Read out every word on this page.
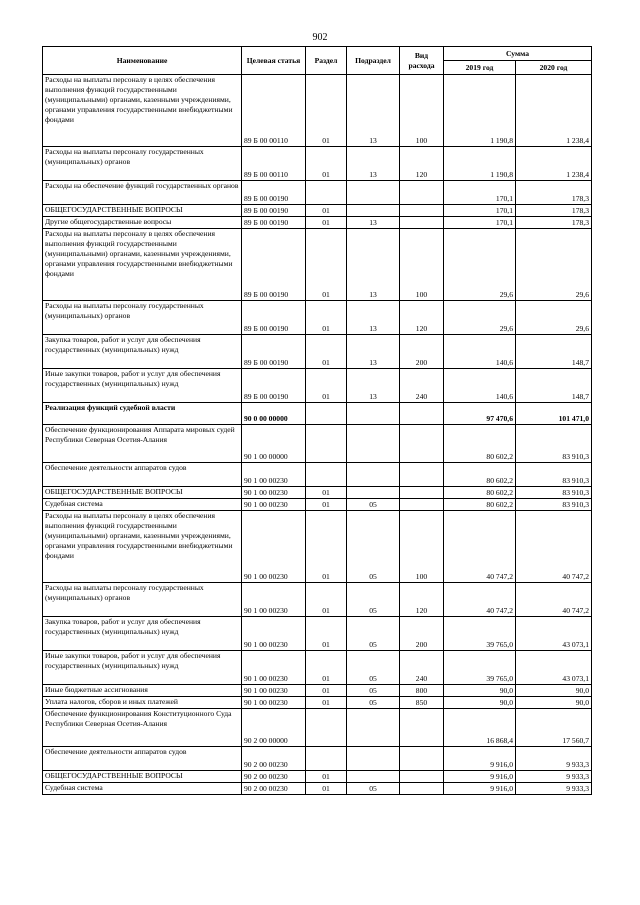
902
Наименование	Целевая статья	Раздел	Подраздел	Вид расхода	Сумма	
					2019 год	2020 год
Расходы на выплаты персоналу в целях обеспечения выполнения функций государственными (муниципальными) органами, казенными учреждениями, органами управления государственными внебюджетными фондами	89 Б 00 00110	01	13	100	1 190,8	1 238,4
Расходы на выплаты персоналу государственных (муниципальных) органов	89 Б 00 00110	01	13	120	1 190,8	1 238,4
Расходы на обеспечение функций государственных органов	89 Б 00 00190				170,1	178,3
ОБЩЕГОСУДАРСТВЕННЫЕ ВОПРОСЫ	89 Б 00 00190	01			170,1	178,3
Другие общегосударственные вопросы	89 Б 00 00190	01	13		170,1	178,3
Расходы на выплаты персоналу в целях обеспечения выполнения функций государственными (муниципальными) органами, казенными учреждениями, органами управления государственными внебюджетными фондами	89 Б 00 00190	01	13	100	29,6	29,6
Расходы на выплаты персоналу государственных (муниципальных) органов	89 Б 00 00190	01	13	120	29,6	29,6
Закупка товаров, работ и услуг для обеспечения государственных (муниципальных) нужд	89 Б 00 00190	01	13	200	140,6	148,7
Иные закупки товаров, работ и услуг для обеспечения государственных (муниципальных) нужд	89 Б 00 00190	01	13	240	140,6	148,7
Реализация функций судебной власти	90 0 00 00000				97 470,6	101 471,0
Обеспечение функционирования Аппарата мировых судей Республики Северная Осетия-Алания	90 1 00 00000				80 602,2	83 910,3
Обеспечение деятельности аппаратов судов	90 1 00 00230				80 602,2	83 910,3
ОБЩЕГОСУДАРСТВЕННЫЕ ВОПРОСЫ	90 1 00 00230	01			80 602,2	83 910,3
Судебная система	90 1 00 00230	01	05		80 602,2	83 910,3
Расходы на выплаты персоналу в целях обеспечения выполнения функций государственными (муниципальными) органами, казенными учреждениями, органами управления государственными внебюджетными фондами	90 1 00 00230	01	05	100	40 747,2	40 747,2
Расходы на выплаты персоналу государственных (муниципальных) органов	90 1 00 00230	01	05	120	40 747,2	40 747,2
Закупка товаров, работ и услуг для обеспечения государственных (муниципальных) нужд	90 1 00 00230	01	05	200	39 765,0	43 073,1
Иные закупки товаров, работ и услуг для обеспечения государственных (муниципальных) нужд	90 1 00 00230	01	05	240	39 765,0	43 073,1
Иные бюджетные ассигнования	90 1 00 00230	01	05	800	90,0	90,0
Уплата налогов, сборов и иных платежей	90 1 00 00230	01	05	850	90,0	90,0
Обеспечение функционирования Конституционного Суда Республики Северная Осетия-Алания	90 2 00 00000				16 868,4	17 560,7
Обеспечение деятельности аппаратов судов	90 2 00 00230				9 916,0	9 933,3
ОБЩЕГОСУДАРСТВЕННЫЕ ВОПРОСЫ	90 2 00 00230	01			9 916,0	9 933,3
Судебная система	90 2 00 00230	01	05		9 916,0	9 933,3
